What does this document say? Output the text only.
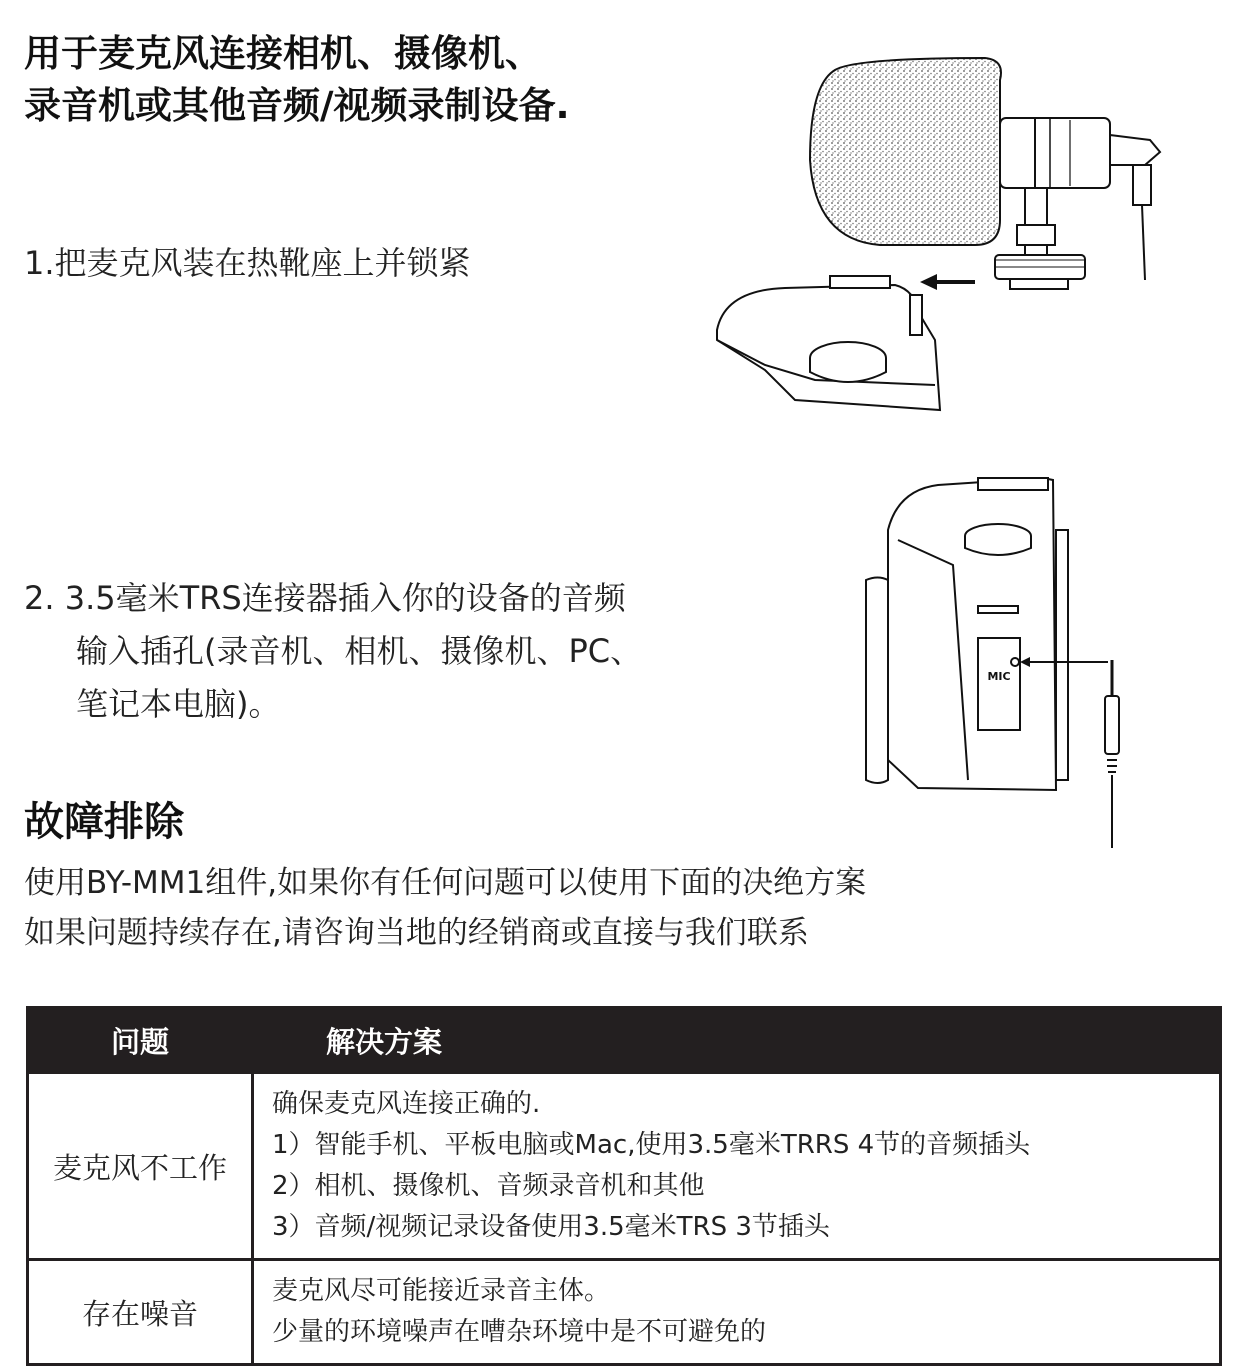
用于麦克风连接相机、摄像机、
录音机或其他音频/视频录制设备.
1.把麦克风装在热靴座上并锁紧
2. 3.5毫米TRS连接器插入你的设备的音频
输入插孔(录音机、相机、摄像机、PC、
笔记本电脑)。
MIC
故障排除
使用BY-MM1组件,如果你有任何问题可以使用下面的决绝方案
如果问题持续存在,请咨询当地的经销商或直接与我们联系
问题	解决方案
麦克风不工作	确保麦克风连接正确的.
1）智能手机、平板电脑或Mac,使用3.5毫米TRRS 4节的音频插头
2）相机、摄像机、音频录音机和其他
3）音频/视频记录设备使用3.5毫米TRS 3节插头

存在噪音	麦克风尽可能接近录音主体。
少量的环境噪声在嘈杂环境中是不可避免的
